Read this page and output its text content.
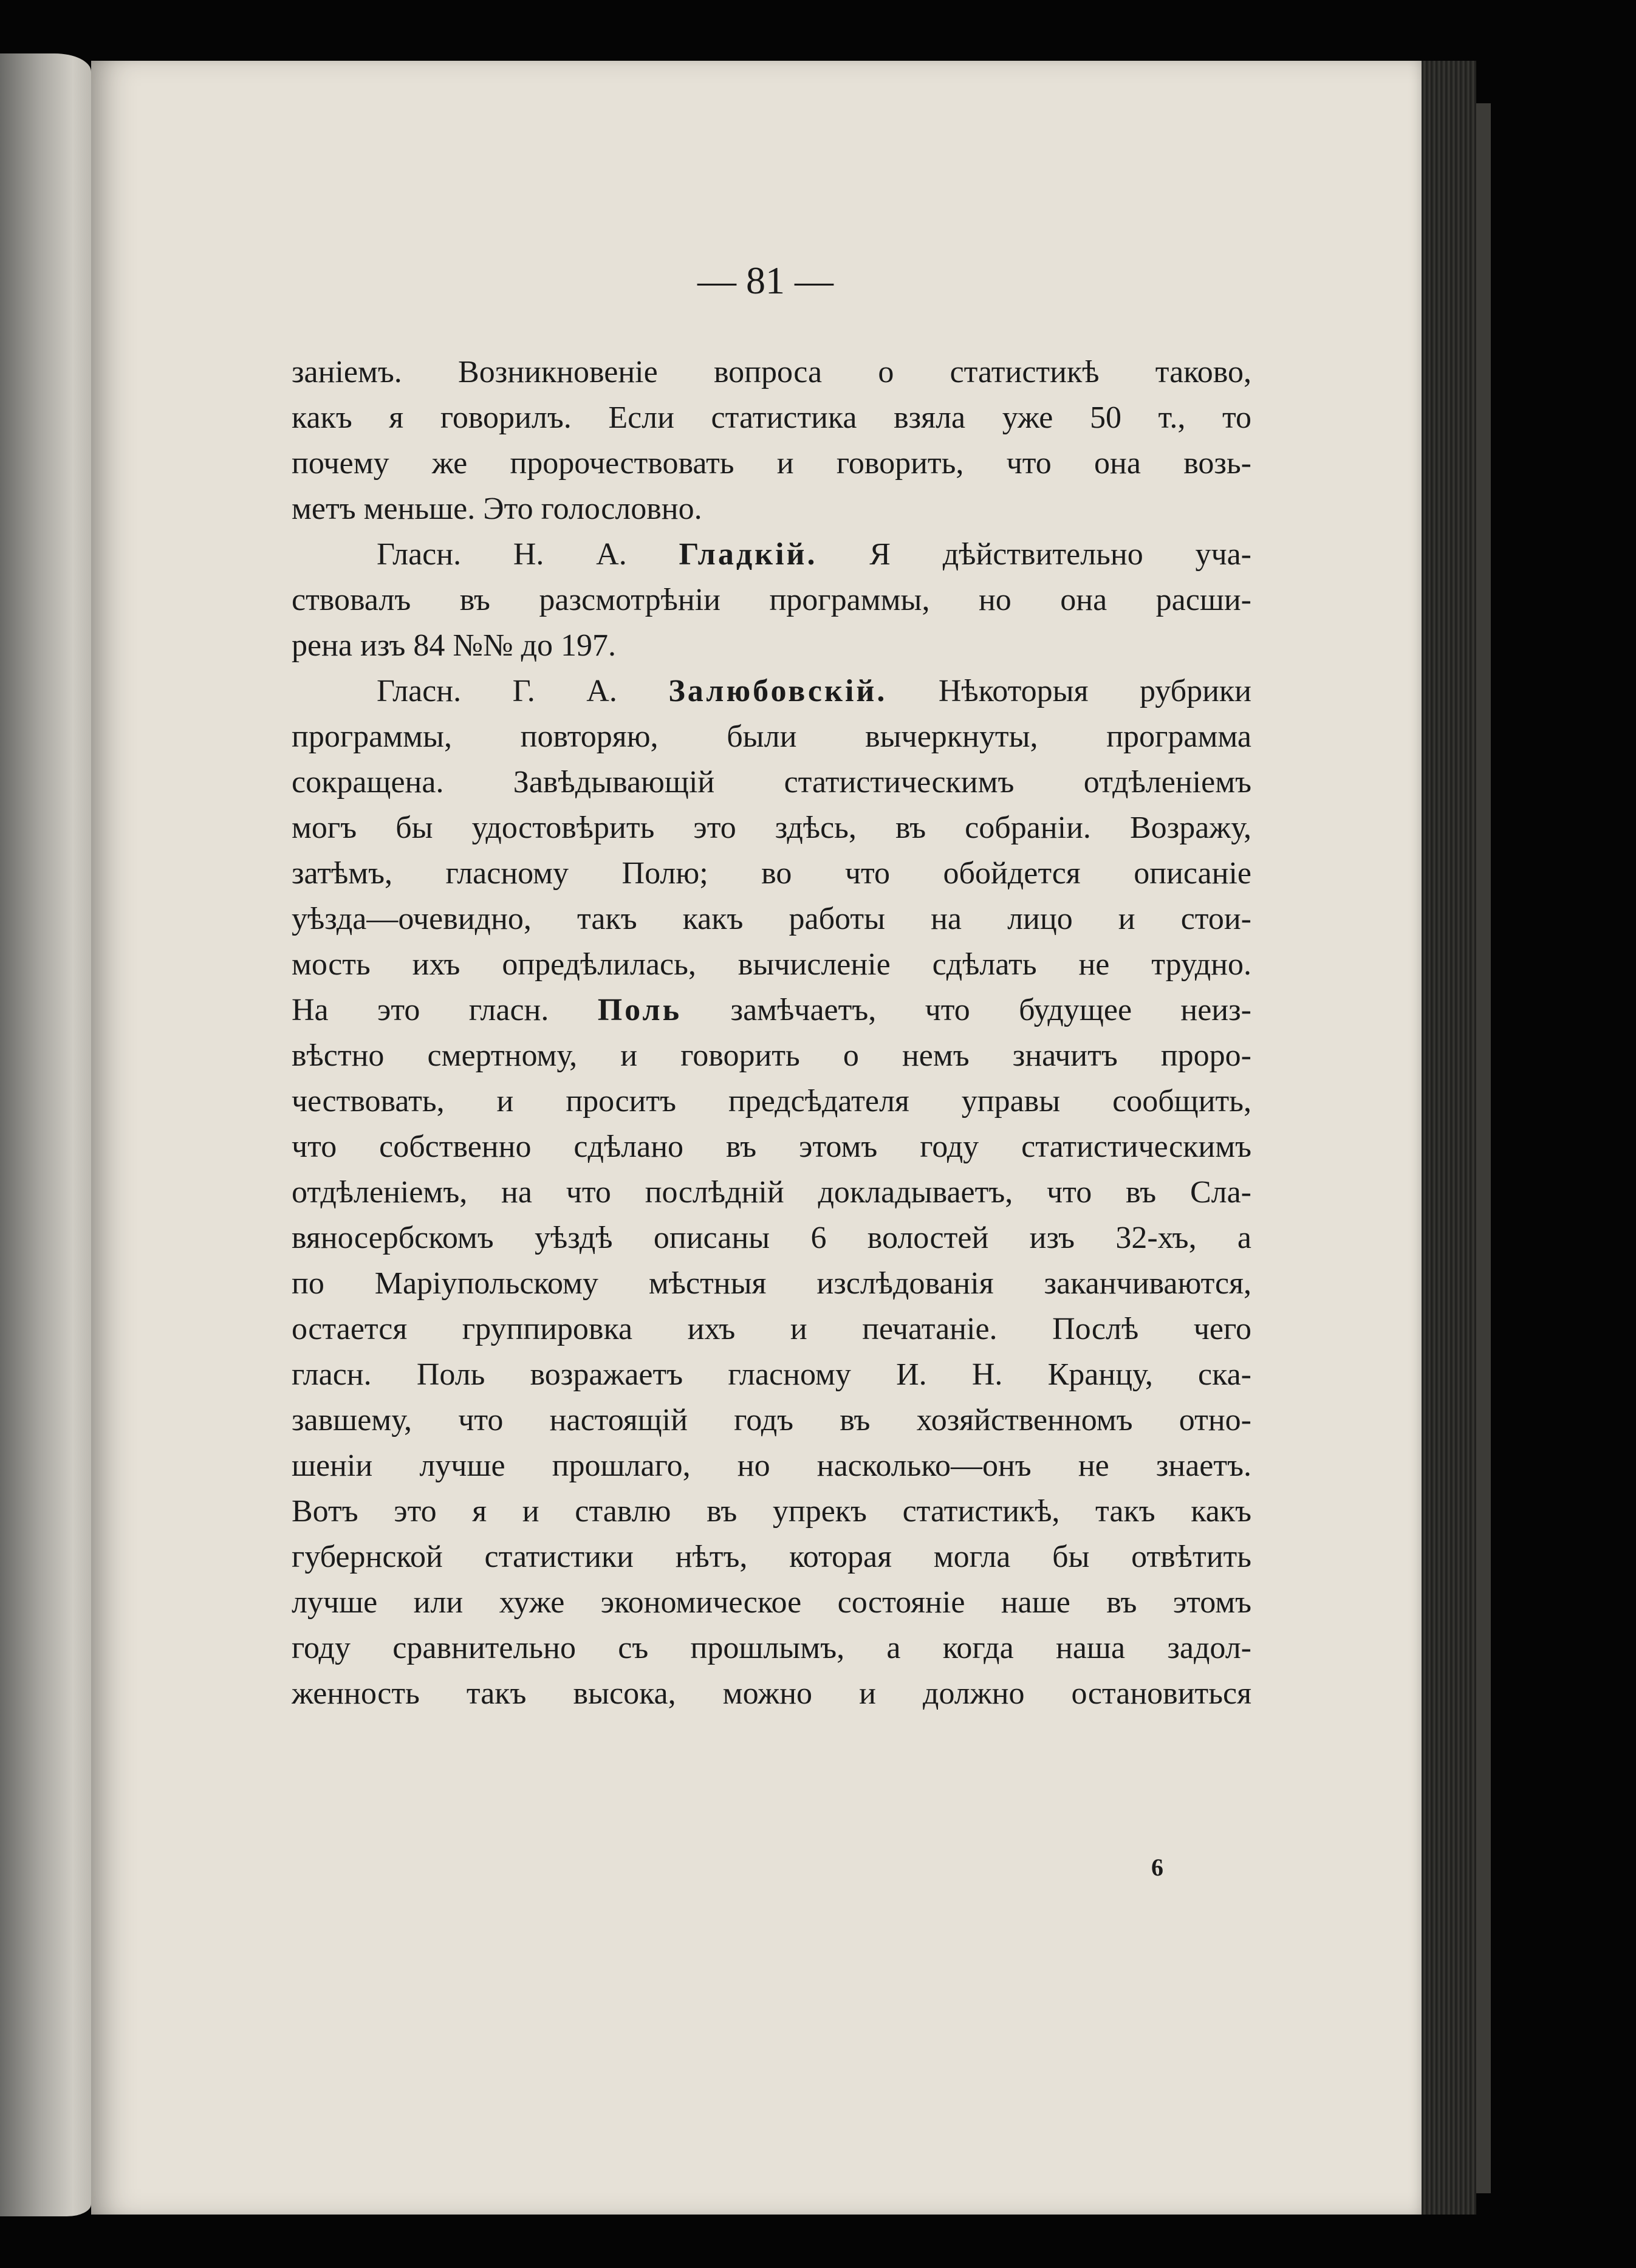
— 81 —
заніемъ. Возникновеніе вопроса о статистикѣ таково,
какъ я говорилъ. Если статистика взяла уже 50 т., то
почему же пророчествовать и говорить, что она возь-
метъ меньше. Это голословно.
Гласн. Н. А. Гладкій. Я дѣйствительно уча-
ствовалъ въ разсмотрѣніи программы, но она расши-
рена изъ 84 №№ до 197.
Гласн. Г. А. Залюбовскій. Нѣкоторыя рубрики
программы, повторяю, были вычеркнуты, программа
сокращена. Завѣдывающій статистическимъ отдѣленіемъ
могъ бы удостовѣрить это здѣсь, въ собраніи. Возражу,
затѣмъ, гласному Полю; во что обойдется описаніе
уѣзда—очевидно, такъ какъ работы на лицо и стои-
мость ихъ опредѣлилась, вычисленіе сдѣлать не трудно.
На это гласн. Поль замѣчаетъ, что будущее неиз-
вѣстно смертному, и говорить о немъ значитъ проро-
чествовать, и проситъ предсѣдателя управы сообщить,
что собственно сдѣлано въ этомъ году статистическимъ
отдѣленіемъ, на что послѣдній докладываетъ, что въ Сла-
вяносербскомъ уѣздѣ описаны 6 волостей изъ 32-хъ, а
по Маріупольскому мѣстныя изслѣдованія заканчиваются,
остается группировка ихъ и печатаніе. Послѣ чего
гласн. Поль возражаетъ гласному И. Н. Кранцу, ска-
завшему, что настоящій годъ въ хозяйственномъ отно-
шеніи лучше прошлаго, но насколько—онъ не знаетъ.
Вотъ это я и ставлю въ упрекъ статистикѣ, такъ какъ
губернской статистики нѣтъ, которая могла бы отвѣтить
лучше или хуже экономическое состояніе наше въ этомъ
году сравнительно съ прошлымъ, а когда наша задол-
женность такъ высока, можно и должно остановиться
6
